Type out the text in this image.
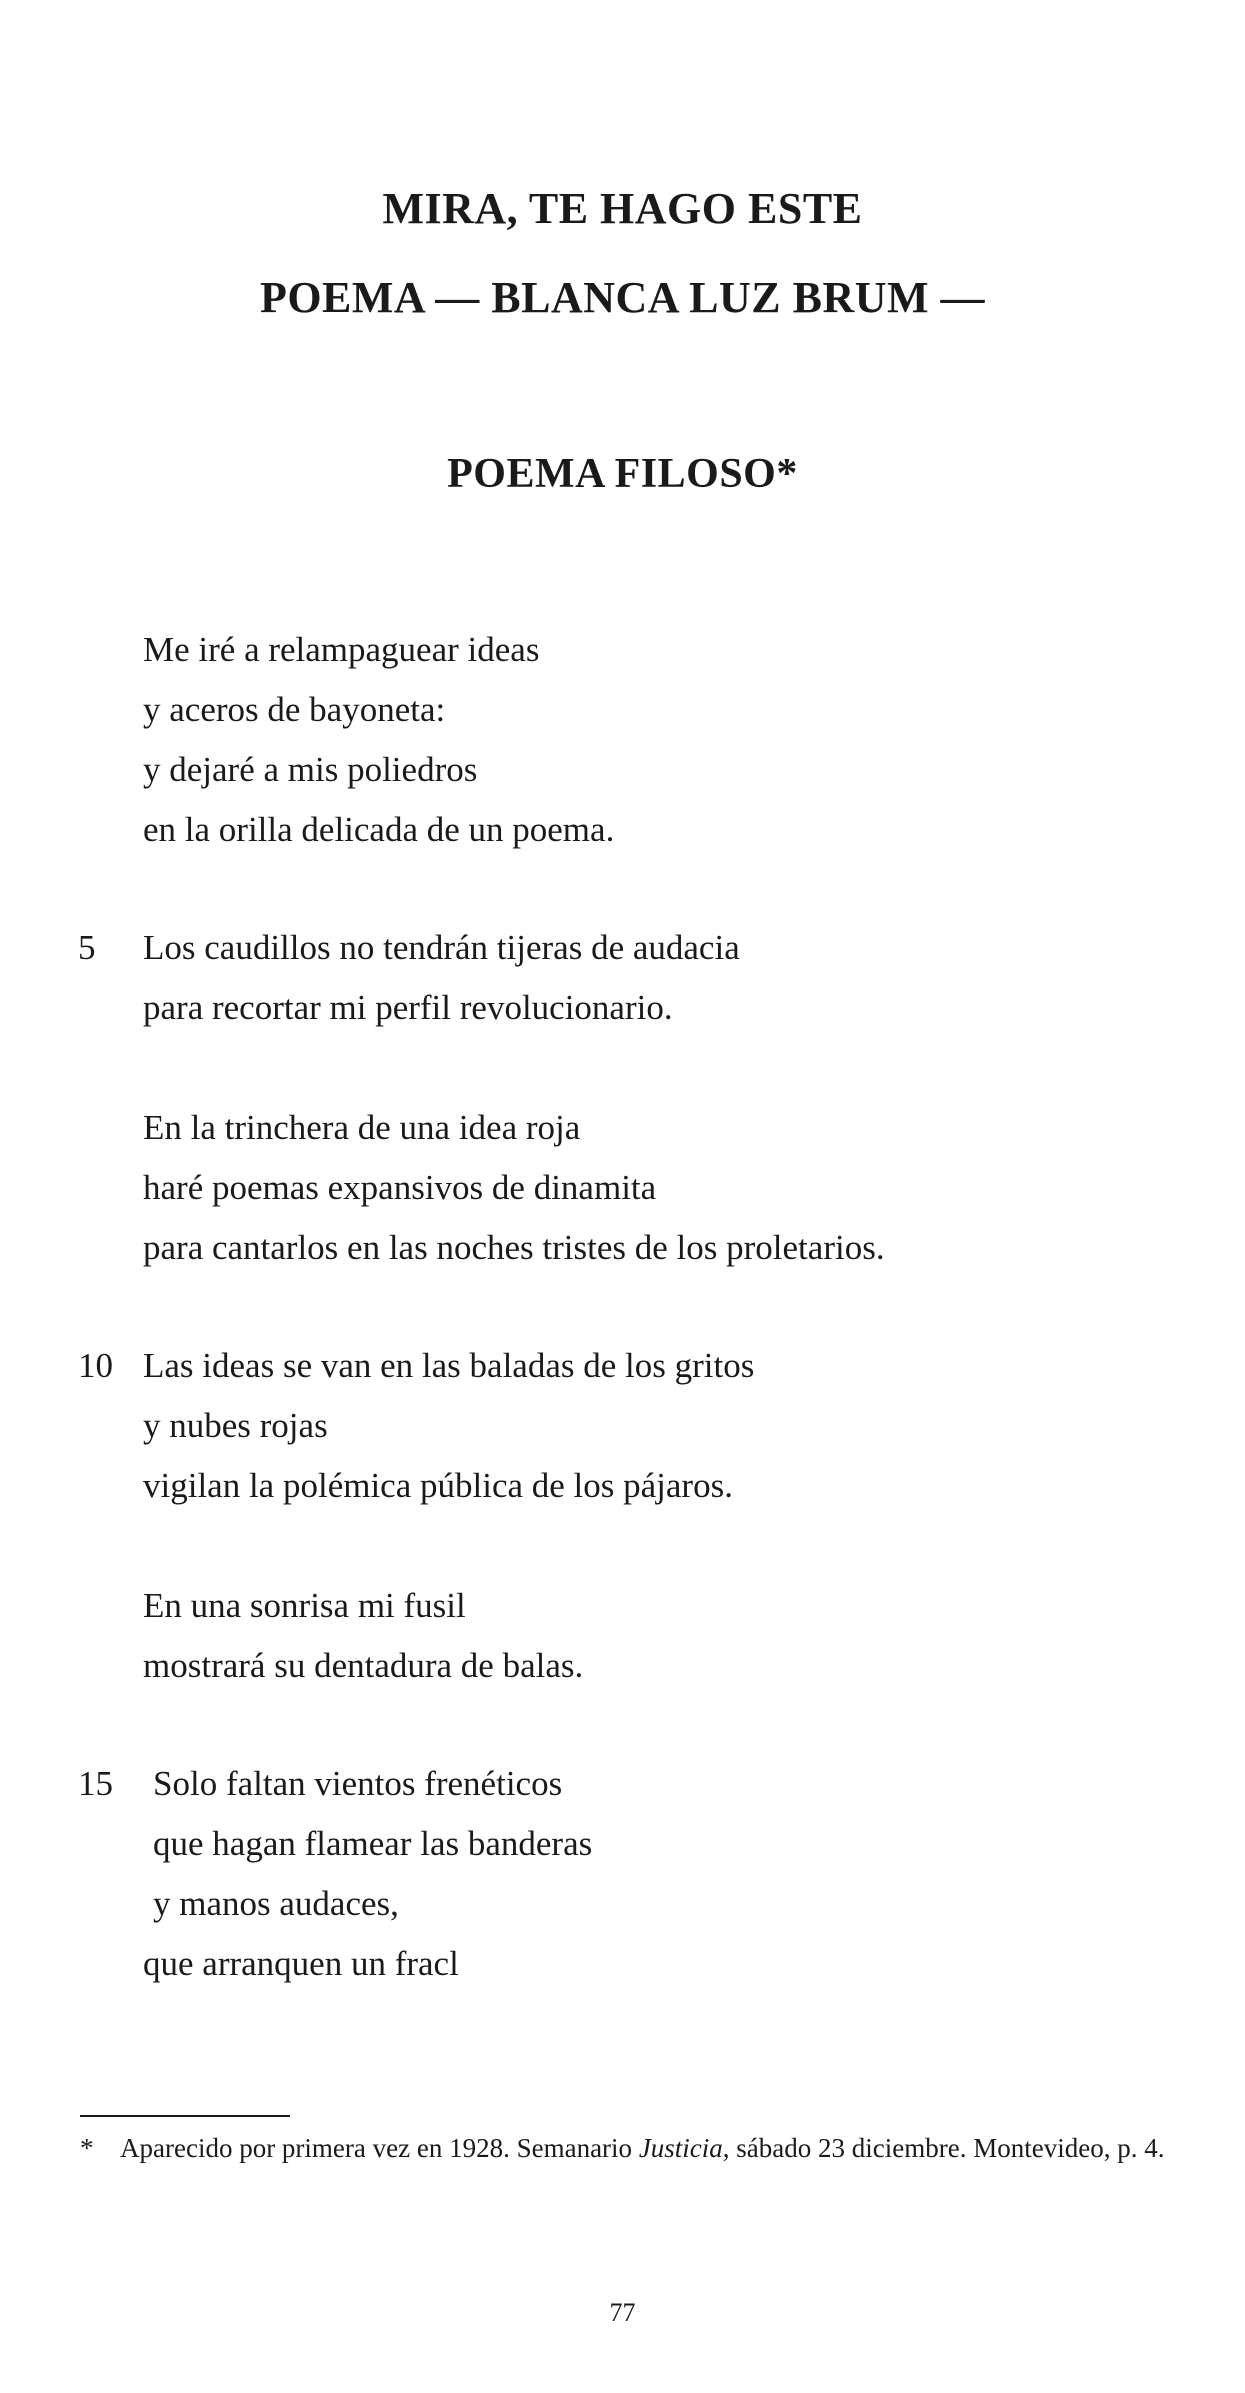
MIRA, TE HAGO ESTE
POEMA — BLANCA LUZ BRUM —
POEMA FILOSO*
Me iré a relampaguear ideas
y aceros de bayoneta:
y dejaré a mis poliedros
en la orilla delicada de un poema.
5 Los caudillos no tendrán tijeras de audacia
para recortar mi perfil revolucionario.
En la trinchera de una idea roja
haré poemas expansivos de dinamita
para cantarlos en las noches tristes de los proletarios.
10 Las ideas se van en las baladas de los gritos
y nubes rojas
vigilan la polémica pública de los pájaros.
En una sonrisa mi fusil
mostrará su dentadura de balas.
15 Solo faltan vientos frenéticos
que hagan flamear las banderas
y manos audaces,
que arranquen un fracl
* Aparecido por primera vez en 1928. Semanario Justicia, sábado 23 diciembre. Montevideo, p. 4.
77
